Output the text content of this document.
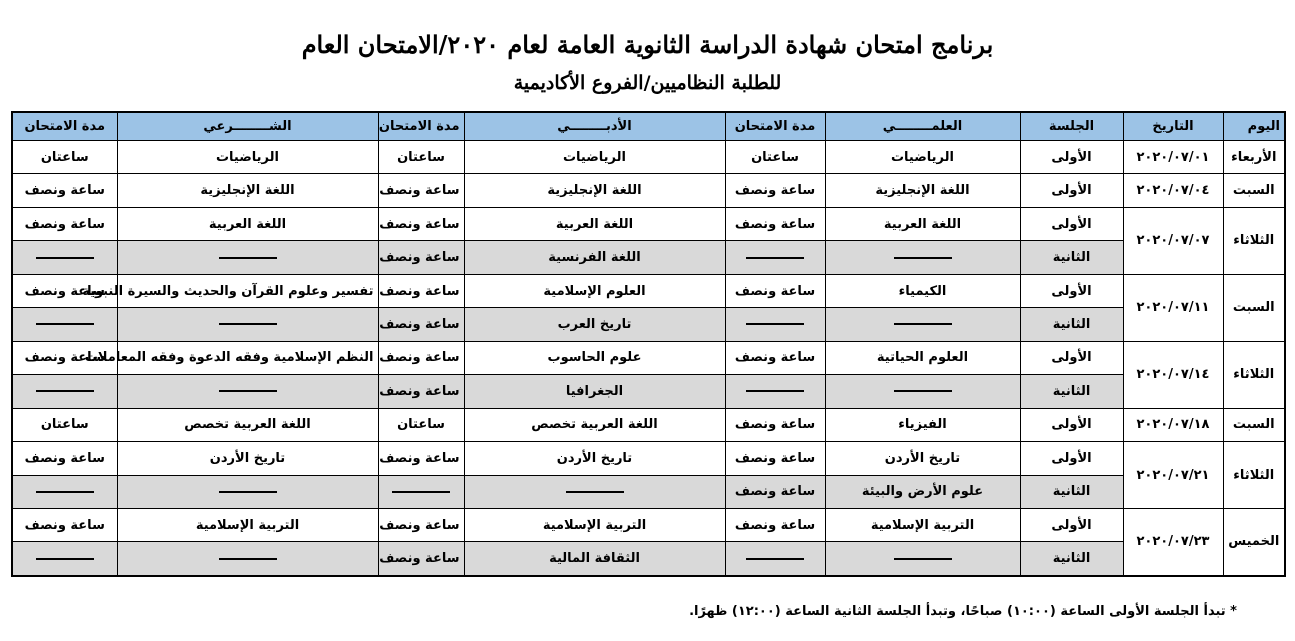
برنامج امتحان شهادة الدراسة الثانوية العامة لعام ٢٠٢٠/الامتحان العام
للطلبة النظاميين/الفروع الأكاديمية
اليوم	التاريخ	الجلسة	العلمــــــــي	مدة الامتحان	الأدبــــــــي	مدة الامتحان	الشــــــــرعي	مدة الامتحان
الأربعاء	٢٠٢٠/٠٧/٠١	الأولى	الرياضيات	ساعتان	الرياضيات	ساعتان	الرياضيات	ساعتان
السبت	٢٠٢٠/٠٧/٠٤	الأولى	اللغة الإنجليزية	ساعة ونصف	اللغة الإنجليزية	ساعة ونصف	اللغة الإنجليزية	ساعة ونصف
الثلاثاء	٢٠٢٠/٠٧/٠٧	الأولى	اللغة العربية	ساعة ونصف	اللغة العربية	ساعة ونصف	اللغة العربية	ساعة ونصف
		الثانية			اللغة الفرنسية	ساعة ونصف		
السبت	٢٠٢٠/٠٧/١١	الأولى	الكيمياء	ساعة ونصف	العلوم الإسلامية	ساعة ونصف	تفسير وعلوم القرآن والحديث والسيرة النبوية	ساعة ونصف
		الثانية			تاريخ العرب	ساعة ونصف		
الثلاثاء	٢٠٢٠/٠٧/١٤	الأولى	العلوم الحياتية	ساعة ونصف	علوم الحاسوب	ساعة ونصف	النظم الإسلامية وفقه الدعوة وفقه المعاملات	ساعة ونصف
		الثانية			الجغرافيا	ساعة ونصف		
السبت	٢٠٢٠/٠٧/١٨	الأولى	الفيزياء	ساعة ونصف	اللغة العربية تخصص	ساعتان	اللغة العربية تخصص	ساعتان
الثلاثاء	٢٠٢٠/٠٧/٢١	الأولى	تاريخ الأردن	ساعة ونصف	تاريخ الأردن	ساعة ونصف	تاريخ الأردن	ساعة ونصف
		الثانية	علوم الأرض والبيئة	ساعة ونصف				
الخميس	٢٠٢٠/٠٧/٢٣	الأولى	التربية الإسلامية	ساعة ونصف	التربية الإسلامية	ساعة ونصف	التربية الإسلامية	ساعة ونصف
		الثانية			الثقافة المالية	ساعة ونصف		
* تبدأ الجلسة الأولى الساعة (١٠:٠٠) صباحًا، وتبدأ الجلسة الثانية الساعة (١٢:٠٠) ظهرًا.
